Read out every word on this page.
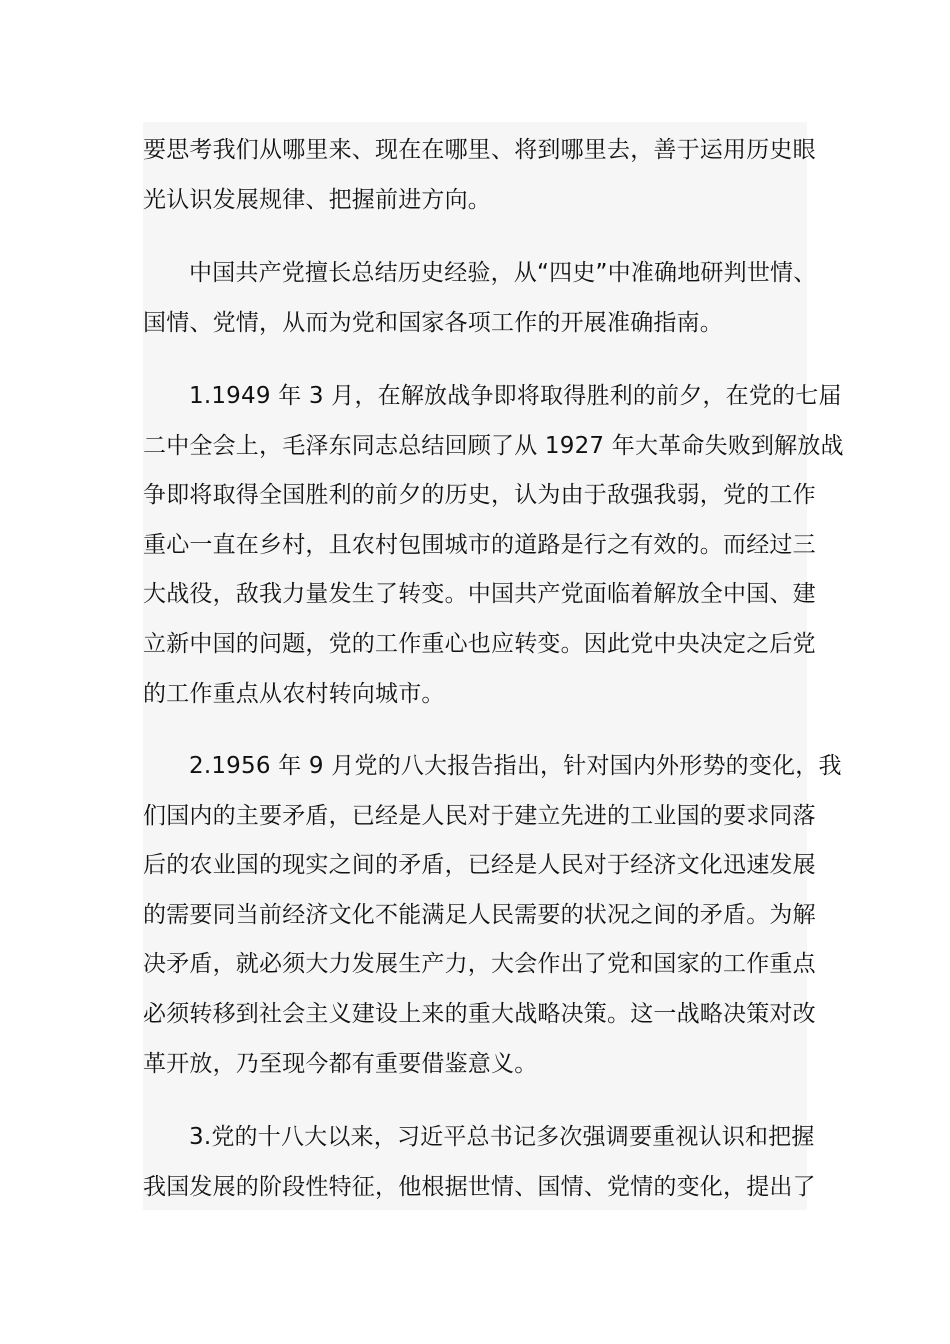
要思考我们从哪里来、现在在哪里、将到哪里去，善于运用历史眼
光认识发展规律、把握前进方向。
中国共产党擅长总结历史经验，从“四史”中准确地研判世情、
国情、党情，从而为党和国家各项工作的开展准确指南。
1.1949 年 3 月，在解放战争即将取得胜利的前夕，在党的七届
二中全会上，毛泽东同志总结回顾了从 1927 年大革命失败到解放战
争即将取得全国胜利的前夕的历史，认为由于敌强我弱，党的工作
重心一直在乡村，且农村包围城市的道路是行之有效的。而经过三
大战役，敌我力量发生了转变。中国共产党面临着解放全中国、建
立新中国的问题，党的工作重心也应转变。因此党中央决定之后党
的工作重点从农村转向城市。
2.1956 年 9 月党的八大报告指出，针对国内外形势的变化，我
们国内的主要矛盾，已经是人民对于建立先进的工业国的要求同落
后的农业国的现实之间的矛盾，已经是人民对于经济文化迅速发展
的需要同当前经济文化不能满足人民需要的状况之间的矛盾。为解
决矛盾，就必须大力发展生产力，大会作出了党和国家的工作重点
必须转移到社会主义建设上来的重大战略决策。这一战略决策对改
革开放，乃至现今都有重要借鉴意义。
3.党的十八大以来，习近平总书记多次强调要重视认识和把握
我国发展的阶段性特征，他根据世情、国情、党情的变化，提出了
